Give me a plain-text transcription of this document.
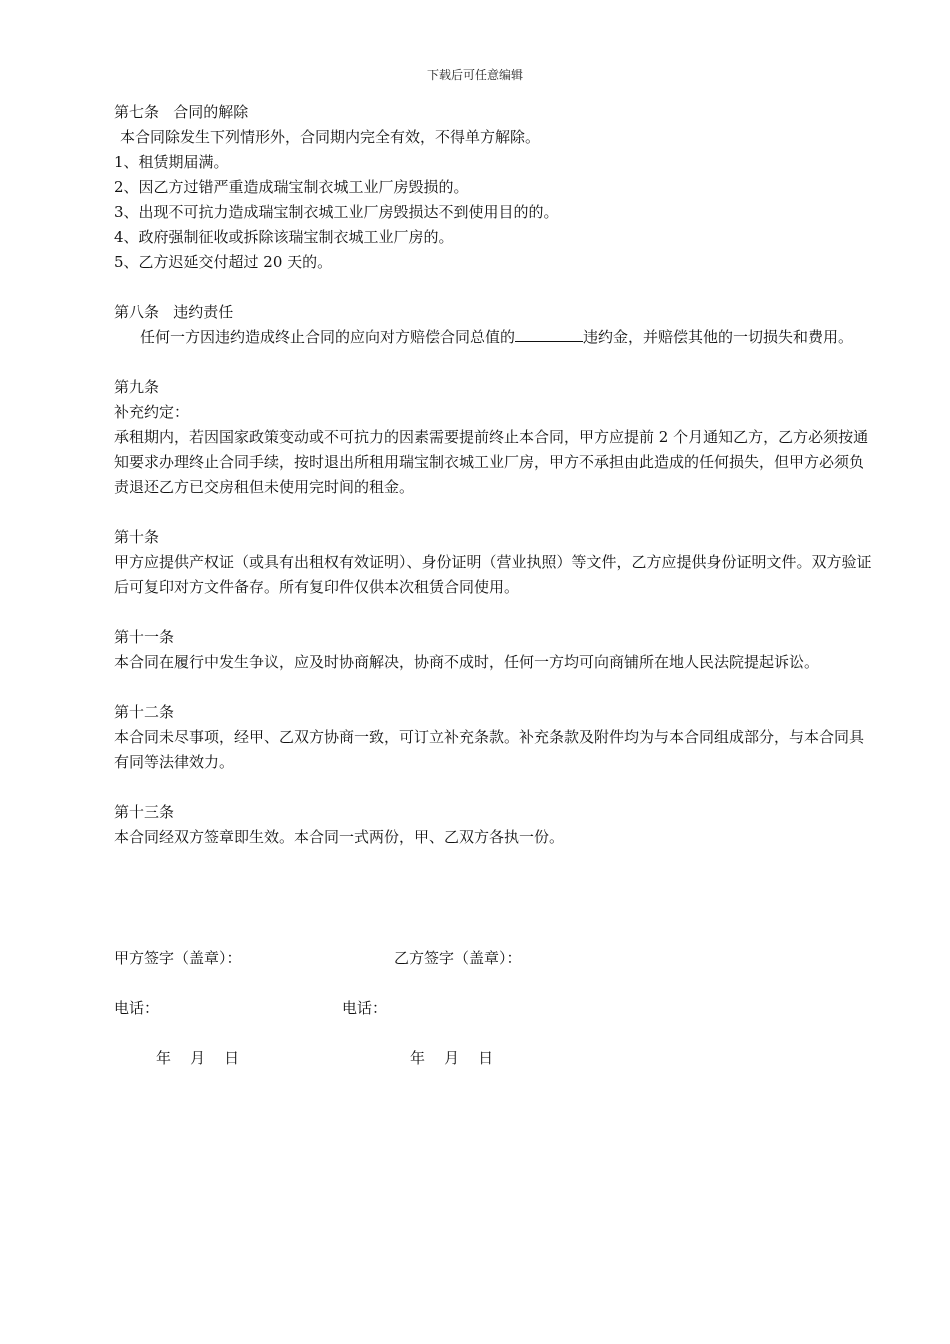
下载后可任意编辑

第七条   合同的解除

本合同除发生下列情形外，合同期内完全有效，不得单方解除。

1、租赁期届满。

2、因乙方过错严重造成瑞宝制衣城工业厂房毁损的。

3、出现不可抗力造成瑞宝制衣城工业厂房毁损达不到使用目的的。

4、政府强制征收或拆除该瑞宝制衣城工业厂房的。

5、乙方迟延交付超过 20 天的。

第八条   违约责任

任何一方因违约造成终止合同的应向对方赔偿合同总值的	违约金，并赔偿其他的一切损失和费用。

第九条

补充约定：

承租期内，若因国家政策变动或不可抗力的因素需要提前终止本合同，甲方应提前 2 个月通知乙方，乙方必须按通知要求办理终止合同手续，按时退出所租用瑞宝制衣城工业厂房，甲方不承担由此造成的任何损失，但甲方必须负责退还乙方已交房租但未使用完时间的租金。

第十条

甲方应提供产权证（或具有出租权有效证明）、身份证明（营业执照）等文件，乙方应提供身份证明文件。双方验证后可复印对方文件备存。所有复印件仅供本次租赁合同使用。

第十一条

本合同在履行中发生争议，应及时协商解决，协商不成时，任何一方均可向商铺所在地人民法院提起诉讼。

第十二条

本合同未尽事项，经甲、乙双方协商一致，可订立补充条款。补充条款及附件均为与本合同组成部分，与本合同具有同等法律效力。

第十三条

本合同经双方签章即生效。本合同一式两份，甲、乙双方各执一份。

甲方签字（盖章）：	乙方签字（盖章）：
电话：	电话：
年    月    日	年    月    日
